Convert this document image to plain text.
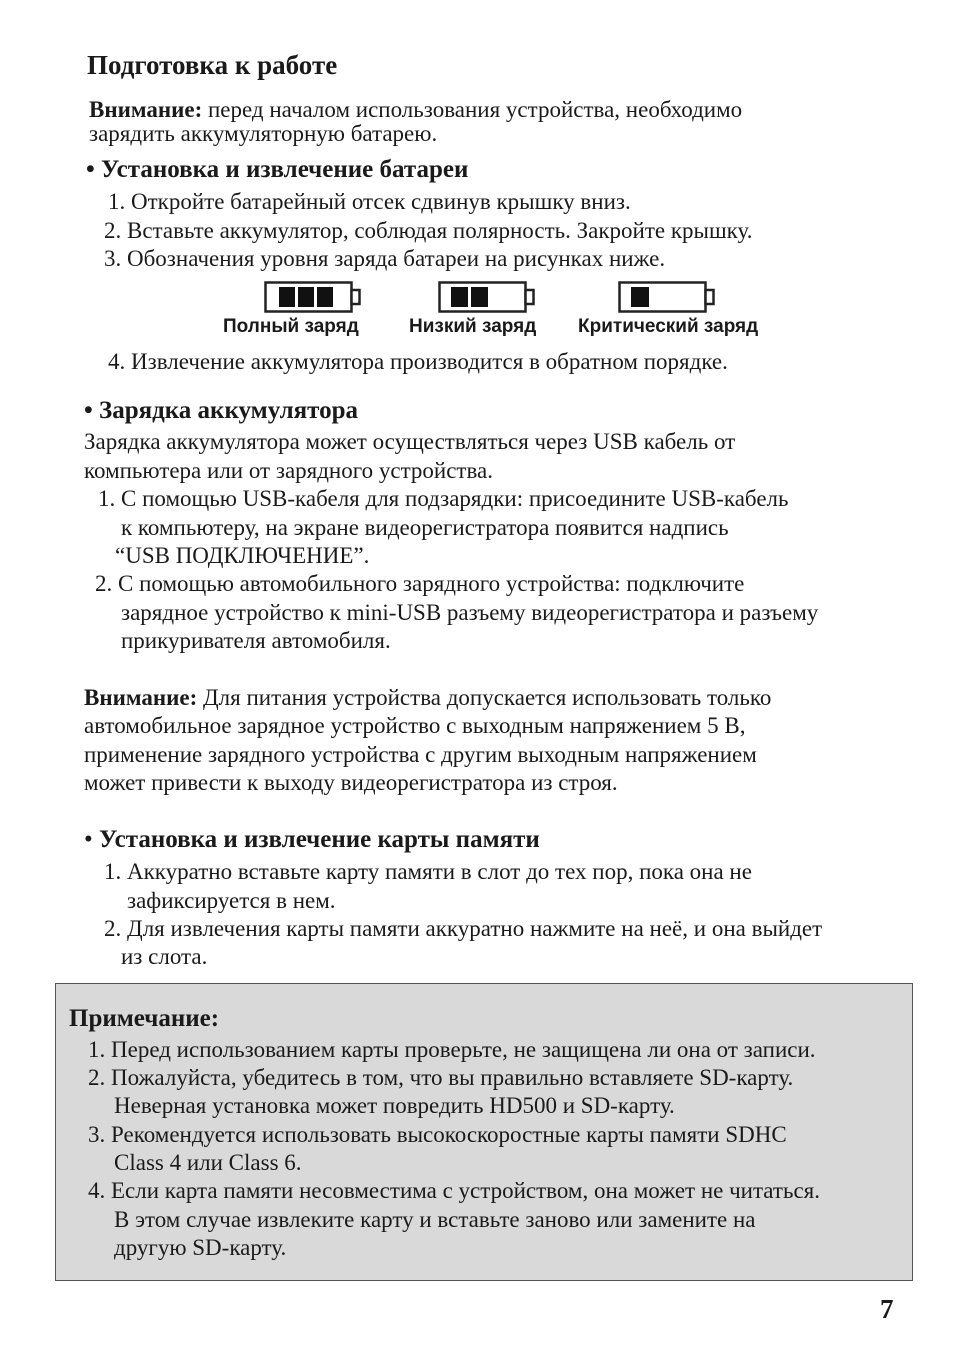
Подготовка к работе
Внимание: перед началом использования устройства, необходимо
зарядить аккумуляторную батарею.
• Установка и извлечение батареи
1. Откройте батарейный отсек сдвинув крышку вниз.
2. Вставьте аккумулятор, соблюдая полярность. Закройте крышку.
3. Обозначения уровня заряда батареи на рисунках ниже.
Полный заряд	Низкий заряд Критический заряд
4. Извлечение аккумулятора производится в обратном порядке.
• Зарядка аккумулятора
Зарядка аккумулятора может осуществляться через USB кабель от
компьютера или от зарядного устройства.
1. С помощью USB-кабеля для подзарядки: присоедините USB-кабель
к компьютеру, на экране видеорегистратора появится надпись
“USB ПОДКЛЮЧЕНИЕ”.
2. С помощью автомобильного зарядного устройства: подключите
зарядное устройство к mini-USB разъему видеорегистратора и разъему
прикуривателя автомобиля.
Внимание: Для питания устройства допускается использовать только
автомобильное зарядное устройство с выходным напряжением 5 В,
применение зарядного устройства с другим выходным напряжением
может привести к выходу видеорегистратора из строя.
• Установка и извлечение карты памяти
1. Аккуратно вставьте карту памяти в слот до тех пор, пока она не
зафиксируется в нем.
2. Для извлечения карты памяти аккуратно нажмите на неё, и она выйдет
из слота.
Примечание:
1. Перед использованием карты проверьте, не защищена ли она от записи.
2. Пожалуйста, убедитесь в том, что вы правильно вставляете SD-карту.
Неверная установка может повредить HD500 и SD-карту.
3. Рекомендуется использовать высокоскоростные карты памяти SDHC
Class 4 или Class 6.
4. Если карта памяти несовместима с устройством, она может не читаться.
В этом случае извлеките карту и вставьте заново или замените на
другую SD-карту.
7
